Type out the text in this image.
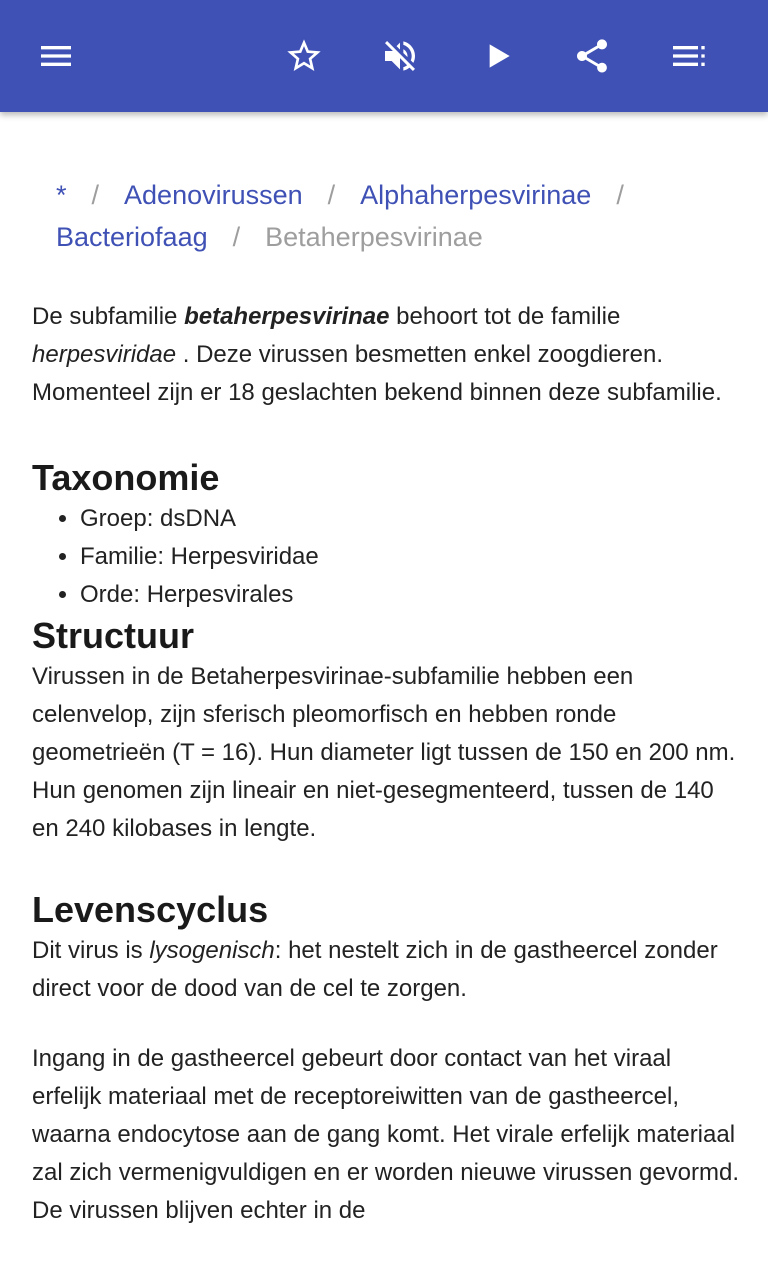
* / Adenovirussen / Alphaherpesvirinae /
Bacteriofaag / Betaherpesvirinae

De subfamilie betaherpesvirinae behoort tot de familie herpesviridae . Deze virussen besmetten enkel zoogdieren. Momenteel zijn er 18 geslachten bekend binnen deze subfamilie.

Taxonomie
• Groep: dsDNA
• Familie: Herpesviridae
• Orde: Herpesvirales
Structuur

Virussen in de Betaherpesvirinae-subfamilie hebben een celenvelop, zijn sferisch pleomorfisch en hebben ronde geometrieën (T = 16). Hun diameter ligt tussen de 150 en 200 nm. Hun genomen zijn lineair en niet-gesegmenteerd, tussen de 140 en 240 kilobases in lengte.

Levenscyclus

Dit virus is lysogenisch: het nestelt zich in de gastheercel zonder direct voor de dood van de cel te zorgen.

Ingang in de gastheercel gebeurt door contact van het viraal erfelijk materiaal met de receptoreiwitten van de gastheercel, waarna endocytose aan de gang komt. Het virale erfelijk materiaal zal zich vermenigvuldigen en er worden nieuwe virussen gevormd. De virussen blijven echter in de
